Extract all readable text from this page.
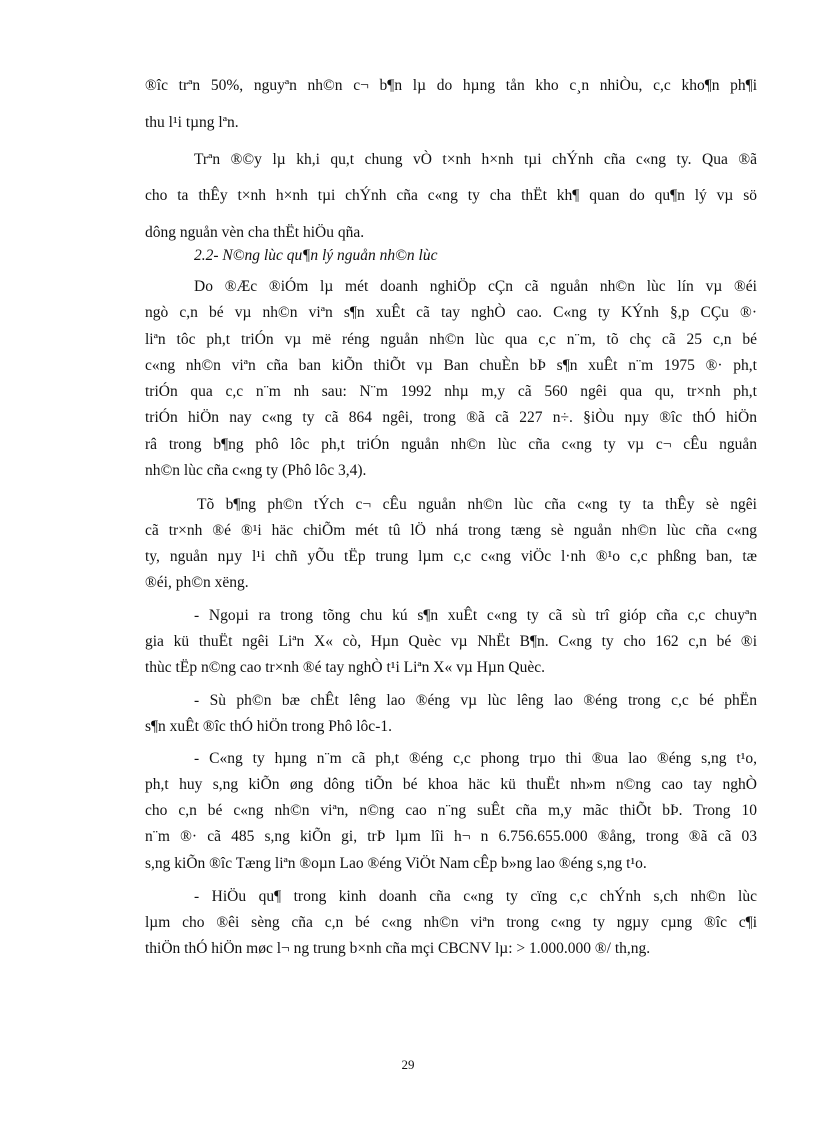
®îc trªn 50%, nguyªn nh©n c¬ b¶n lµ do hµng tån kho c¸n nhiÒu, c,c kho¶n ph¶i
thu l¹i tµng lªn.
Trªn ®©y lµ kh,i qu,t chung vÒ t×nh h×nh tµi chÝnh cña c«ng ty. Qua ®ã
cho ta thÊy t×nh h×nh tµi chÝnh cña c«ng ty cha thËt kh¶ quan do qu¶n lý vµ sö
dông nguån vèn cha thËt hiÖu qña.
2.2- N©ng lùc qu¶n lý nguån nh©n lùc
Do ®Æc ®iÓm lµ mét doanh nghiÖp cÇn cã nguån nh©n lùc lín vµ ®éi
ngò c,n bé vµ nh©n viªn s¶n xuÊt cã tay nghÒ cao. C«ng ty KÝnh §,p CÇu ®·
liªn tôc ph,t triÓn vµ më réng nguån nh©n lùc qua c,c n¨m, tõ chç cã 25 c,n bé
c«ng nh©n viªn cña ban kiÕn thiÕt vµ Ban chuÈn bÞ s¶n xuÊt n¨m 1975 ®· ph,t
triÓn qua c,c n¨m nh sau: N¨m 1992 nhµ m,y cã 560 ngêi qua qu, tr×nh ph,t
triÓn hiÖn nay c«ng ty cã 864 ngêi, trong ®ã cã 227 n÷. §iÒu nµy ®îc thÓ hiÖn
râ trong b¶ng phô lôc ph,t triÓn nguån nh©n lùc cña c«ng ty vµ c¬ cÊu nguån
nh©n lùc cña c«ng ty (Phô lôc 3,4).
Tõ b¶ng ph©n tÝch c¬ cÊu nguån nh©n lùc cña c«ng ty ta thÊy sè ngêi
cã tr×nh ®é ®¹i häc chiÕm mét tû lÖ nhá trong tæng sè nguån nh©n lùc cña c«ng
ty, nguån nµy l¹i chñ yÕu tËp trung lµm c,c c«ng viÖc l·nh ®¹o c,c phßng ban, tæ
®éi, ph©n xëng.
- Ngoµi ra trong tõng chu kú s¶n xuÊt c«ng ty cã sù trî gióp cña c,c chuyªn
gia kü thuËt ngêi Liªn X« cò, Hµn Quèc vµ NhËt B¶n. C«ng ty cho 162 c,n bé ®i
thùc tËp n©ng cao tr×nh ®é tay nghÒ t¹i Liªn X« vµ Hµn Quèc.
- Sù ph©n bæ chÊt lêng lao ®éng vµ lùc lêng lao ®éng trong c,c bé phËn
s¶n xuÊt ®îc thÓ hiÖn trong Phô lôc-1.
- C«ng ty hµng n¨m cã ph,t ®éng c,c phong trµo thi ®ua lao ®éng s,ng t¹o,
ph,t huy s,ng kiÕn øng dông tiÕn bé khoa häc kü thuËt nh»m n©ng cao tay nghÒ
cho c,n bé c«ng nh©n viªn, n©ng cao n¨ng suÊt cña m,y mãc thiÕt bÞ. Trong 10
n¨m ®· cã 485 s,ng kiÕn gi, trÞ lµm lîi h¬ n 6.756.655.000 ®ång, trong ®ã cã 03
s,ng kiÕn ®îc Tæng liªn ®oµn Lao ®éng ViÖt Nam cÊp b»ng lao ®éng s,ng t¹o.
- HiÖu qu¶ trong kinh doanh cña c«ng ty cïng c,c chÝnh s,ch nh©n lùc
lµm cho ®êi sèng cña c,n bé c«ng nh©n viªn trong c«ng ty ngµy cµng ®îc c¶i
thiÖn thÓ hiÖn møc l¬ ng trung b×nh cña mçi CBCNV lµ: > 1.000.000 ®/ th,ng.
29
